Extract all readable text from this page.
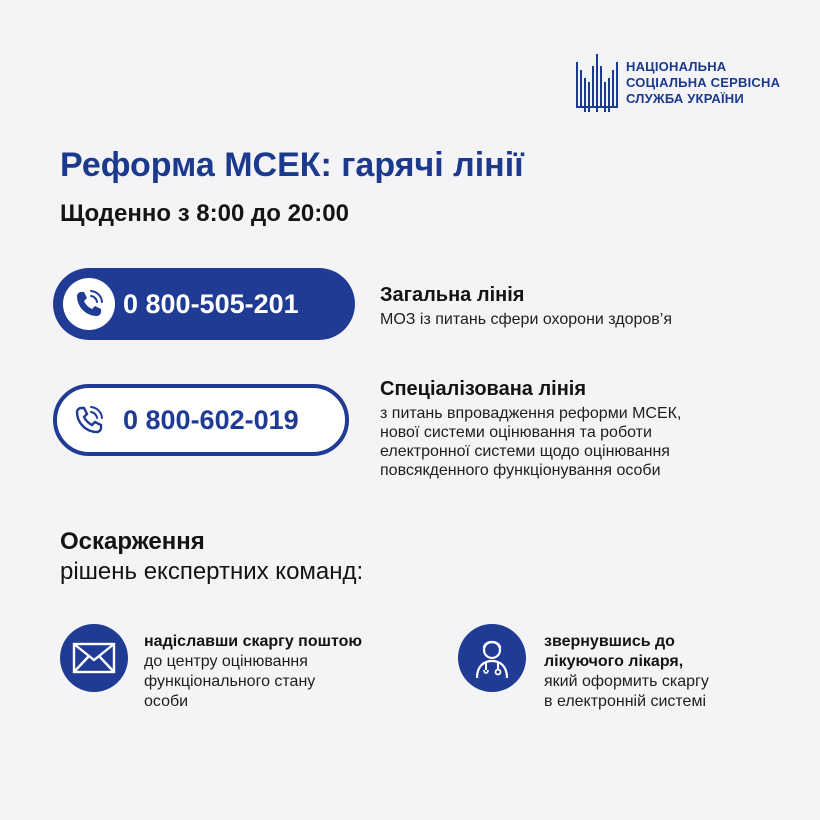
НАЦІОНАЛЬНА
СОЦІАЛЬНА СЕРВІСНА
СЛУЖБА УКРАЇНИ
Реформа МСЕК: гарячі лінії
Щоденно з 8:00 до 20:00
0 800-505-201	Загальна лінія
МОЗ із питань сфери охорони здоров’я
0 800-602-019
Спеціалізована лінія
з питань впровадження реформи МСЕК,
нової системи оцінювання та роботи
електронної системи щодо оцінювання
повсякденного функціонування особи
Оскарження
рішень експертних команд:
надіславши скаргу поштою
до центру оцінювання
функціонального стану
особи
звернувшись до
лікуючого лікаря,
який оформить скаргу
в електронній системі
